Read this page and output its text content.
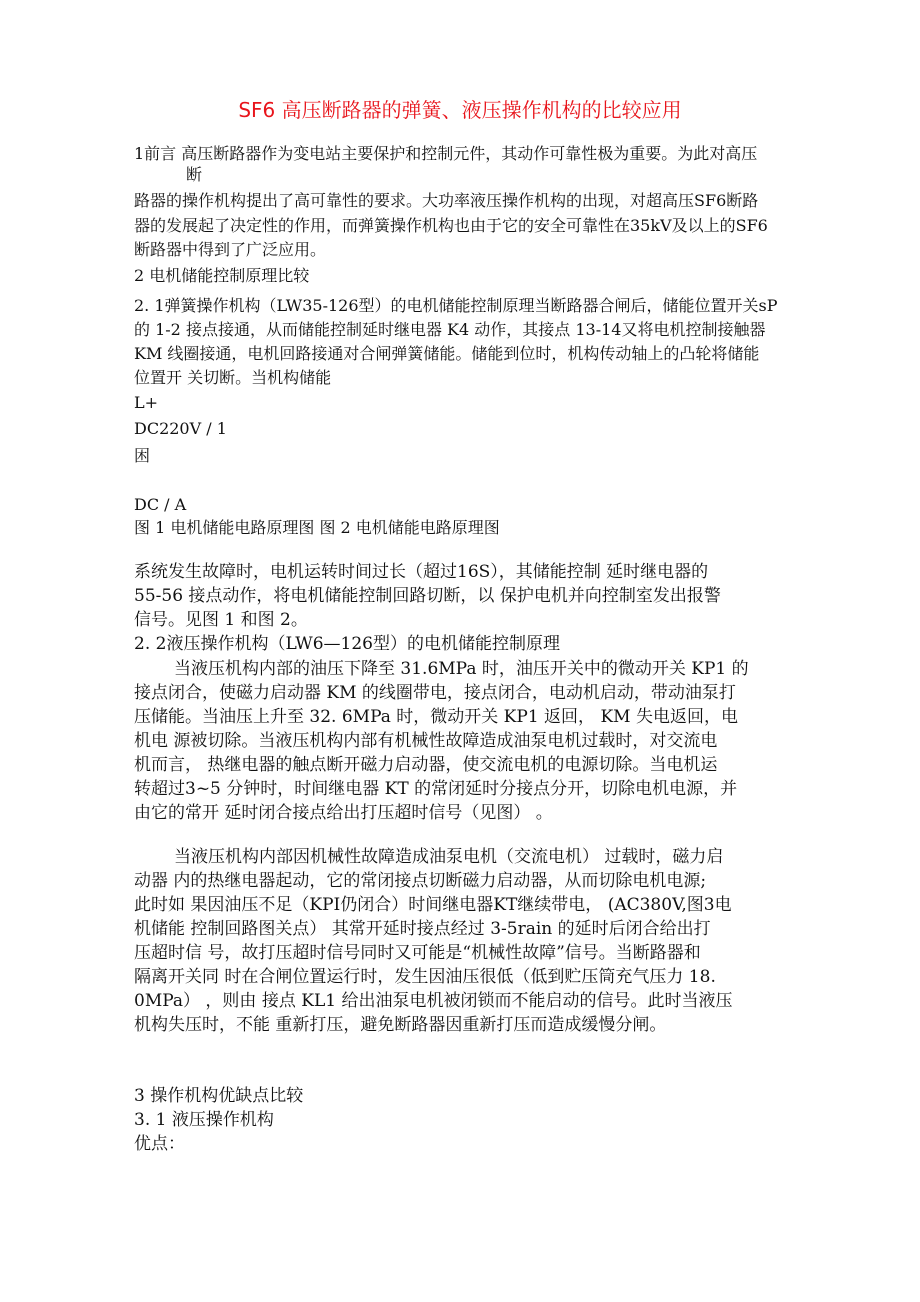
SF6 高压断路器的弹簧、液压操作机构的比较应用
1前言 高压断路器作为变电站主要保护和控制元件，其动作可靠性极为重要。为此对高压
断
路器的操作机构提出了高可靠性的要求。大功率液压操作机构的出现，对超高压SF6断路
器的发展起了决定性的作用，而弹簧操作机构也由于它的安全可靠性在35kV及以上的SF6
断路器中得到了广泛应用。
2 电机储能控制原理比较
2. 1弹簧操作机构（LW35-126型）的电机储能控制原理当断路器合闸后，储能位置开关sP
的 1-2 接点接通，从而储能控制延时继电器 K4 动作，其接点 13-14又将电机控制接触器
KM 线圈接通，电机回路接通对合闸弹簧储能。储能到位时，机构传动轴上的凸轮将储能
位置开 关切断。当机构储能
L+
DC220V / 1
困
DC / A
图 1 电机储能电路原理图 图 2 电机储能电路原理图
系统发生故障时，电机运转时间过长（超过16S），其储能控制 延时继电器的
55-56 接点动作，将电机储能控制回路切断，以 保护电机并向控制室发出报警
信号。见图 1 和图 2。
2. 2液压操作机构（LW6—126型）的电机储能控制原理
当液压机构内部的油压下降至 31.6MPa 时，油压开关中的微动开关 KP1 的
接点闭合，使磁力启动器 KM 的线圈带电，接点闭合，电动机启动，带动油泵打
压储能。当油压上升至 32. 6MPa 时，微动开关 KP1 返回， KM 失电返回，电
机电 源被切除。当液压机构内部有机械性故障造成油泵电机过载时，对交流电
机而言， 热继电器的触点断开磁力启动器，使交流电机的电源切除。当电机运
转超过3~5 分钟时，时间继电器 KT 的常闭延时分接点分开，切除电机电源，并
由它的常开 延时闭合接点给出打压超时信号（见图） 。
当液压机构内部因机械性故障造成油泵电机（交流电机） 过载时，磁力启
动器 内的热继电器起动，它的常闭接点切断磁力启动器，从而切除电机电源;
此时如 果因油压不足（KPI仍闭合）时间继电器KT继续带电， (AC380V,图3电
机储能 控制回路图关点） 其常开延时接点经过 3-5rain 的延时后闭合给出打
压超时信 号，故打压超时信号同时又可能是“机械性故障”信号。当断路器和
隔离开关同 时在合闸位置运行时，发生因油压很低（低到贮压筒充气压力 18.
0MPa） ，则由 接点 KL1 给出油泵电机被闭锁而不能启动的信号。此时当液压
机构失压时，不能 重新打压，避免断路器因重新打压而造成缓慢分闸。
3 操作机构优缺点比较
3. 1 液压操作机构
优点：
